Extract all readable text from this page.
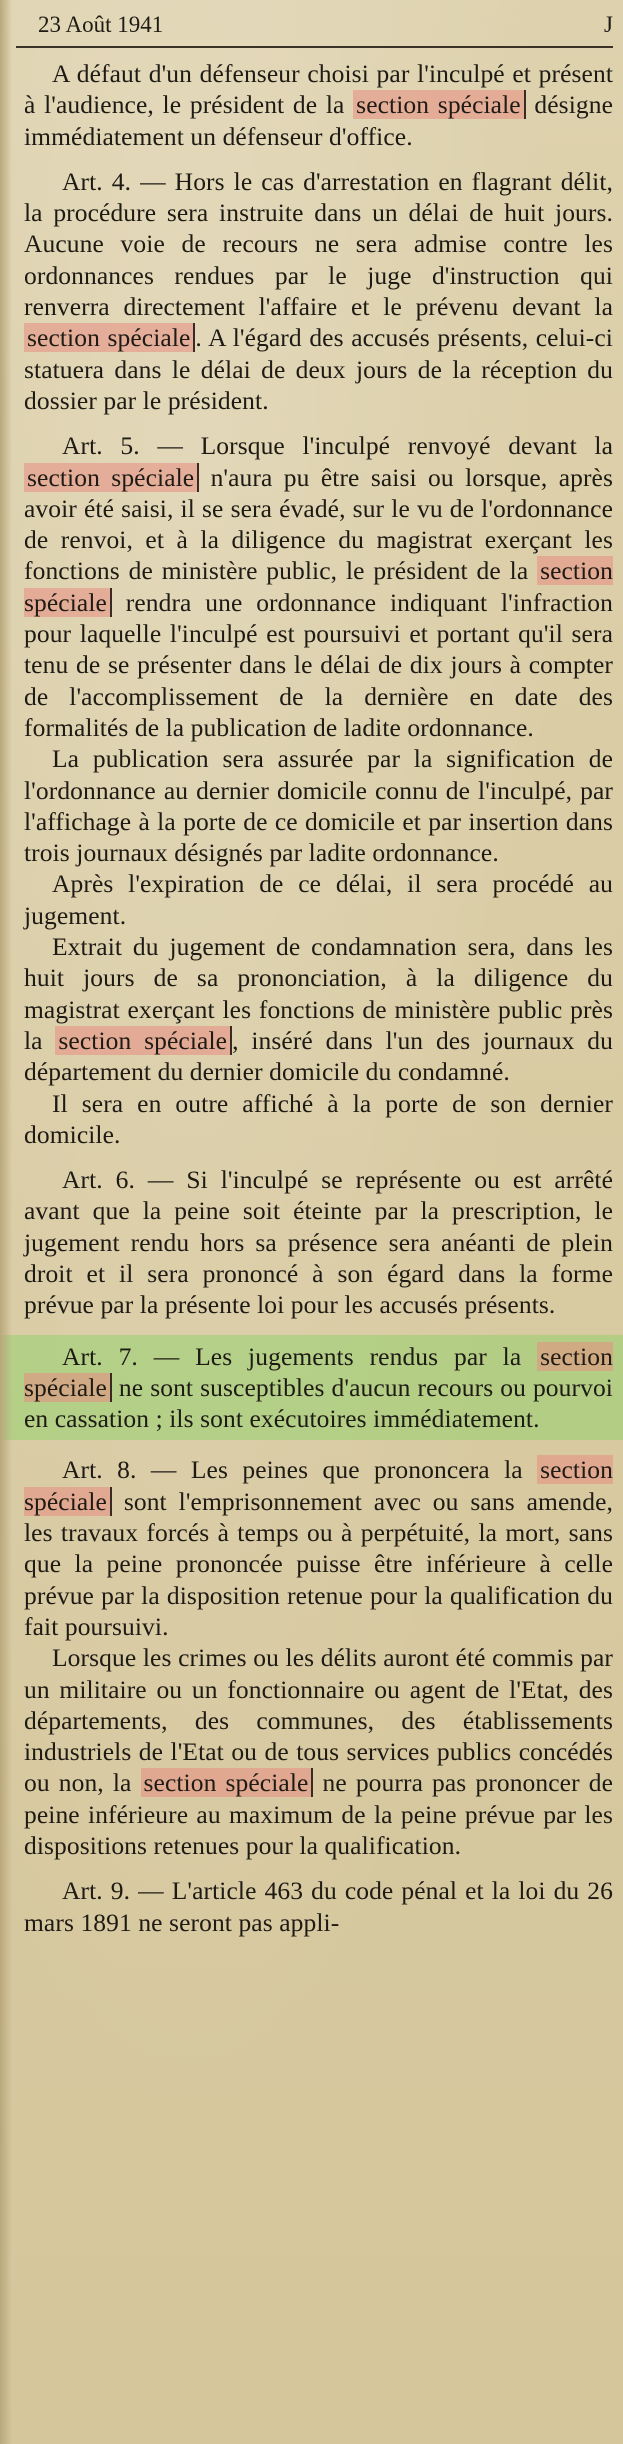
23 Août 1941	J

A défaut d'un défenseur choisi par l'inculpé et présent à l'audience, le président de la section spéciale désigne immédiatement un défenseur d'office.

Art. 4. — Hors le cas d'arrestation en flagrant délit, la procédure sera instruite dans un délai de huit jours. Aucune voie de recours ne sera admise contre les ordonnances rendues par le juge d'instruction qui renverra directement l'affaire et le prévenu devant la section spéciale . A l'égard des accusés présents, celui-ci statuera dans le délai de deux jours de la réception du dossier par le président.

Art. 5. — Lorsque l'inculpé renvoyé devant la section spéciale n'aura pu être saisi ou lorsque, après avoir été saisi, il se sera évadé, sur le vu de l'ordonnance de renvoi, et à la diligence du magistrat exerçant les fonctions de ministère public, le président de la section spéciale rendra une ordonnance indiquant l'infraction pour laquelle l'inculpé est poursuivi et portant qu'il sera tenu de se présenter dans le délai de dix jours à compter de l'accomplissement de la dernière en date des formalités de la publication de ladite ordonnance.

La publication sera assurée par la signification de l'ordonnance au dernier domicile connu de l'inculpé, par l'affichage à la porte de ce domicile et par insertion dans trois journaux désignés par ladite ordonnance.

Après l'expiration de ce délai, il sera procédé au jugement.

Extrait du jugement de condamnation sera, dans les huit jours de sa prononciation, à la diligence du magistrat exerçant les fonctions de ministère public près la section spéciale , inséré dans l'un des journaux du département du dernier domicile du condamné.

Il sera en outre affiché à la porte de son dernier domicile.

Art. 6. — Si l'inculpé se représente ou est arrêté avant que la peine soit éteinte par la prescription, le jugement rendu hors sa présence sera anéanti de plein droit et il sera prononcé à son égard dans la forme prévue par la présente loi pour les accusés présents.

Art. 7. — Les jugements rendus par la section spéciale ne sont susceptibles d'aucun recours ou pourvoi en cassation ; ils sont exécutoires immédiatement.

Art. 8. — Les peines que prononcera la section spéciale sont l'emprisonnement avec ou sans amende, les travaux forcés à temps ou à perpétuité, la mort, sans que la peine prononcée puisse être inférieure à celle prévue par la disposition retenue pour la qualification du fait poursuivi.

Lorsque les crimes ou les délits auront été commis par un militaire ou un fonctionnaire ou agent de l'Etat, des départements, des communes, des établissements industriels de l'Etat ou de tous services publics concédés ou non, la section spéciale ne pourra pas prononcer de peine inférieure au maximum de la peine prévue par les dispositions retenues pour la qualification.

Art. 9. — L'article 463 du code pénal et la loi du 26 mars 1891 ne seront pas appli-
